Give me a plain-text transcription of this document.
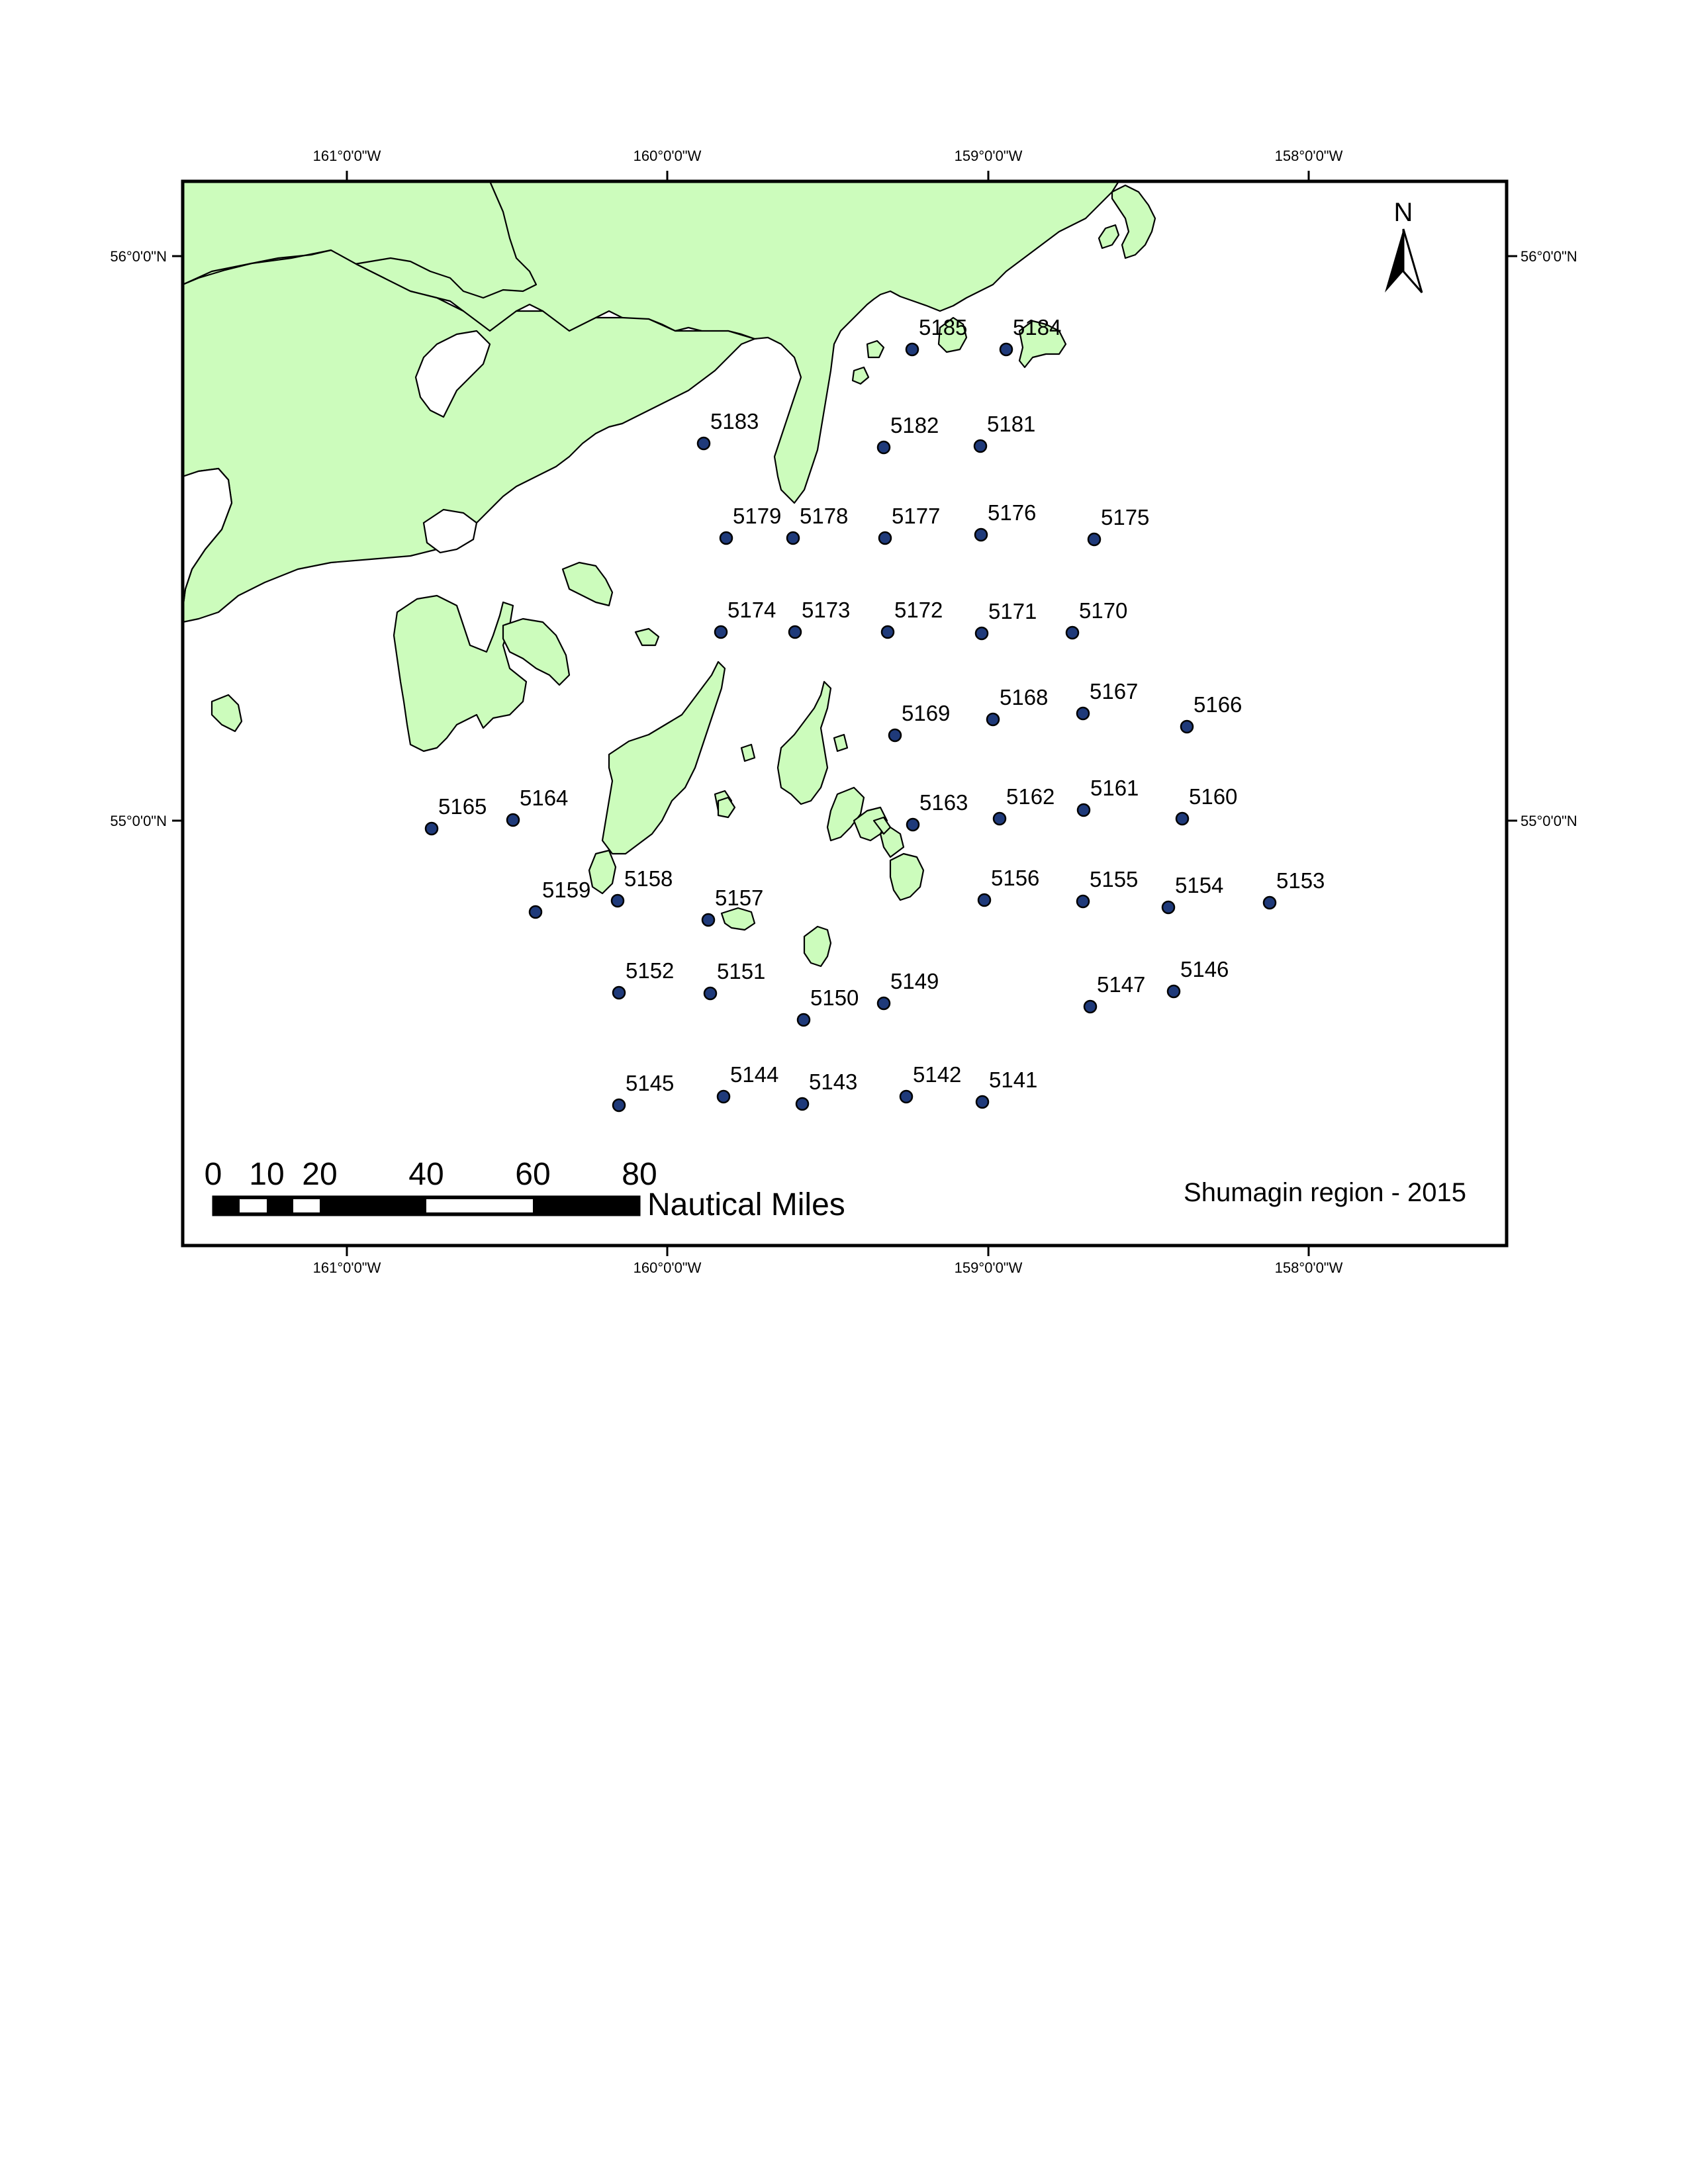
5185 5184
5183	5182 5181
5179 5178 5177 5176	5175
5174 5173 5172 5171 5170
5169
5168 5167
5166
5165 5164	5163 5162 5161 5160
5159 5158
5157
5156 5155 5154 5153
5152 5151
5150
5149	5147
5146
5145	5144 5143	5142 5141
161°0'0"W	160°0'0"W	159°0'0"W	158°0'0"W
161°0'0"W	160°0'0"W	159°0'0"W	158°0'0"W
56°0'0"N
55°0'0"N
56°0'0"N
55°0'0"N
N
0 10 20 40 60 80
Nautical Miles	Shumagin region - 2015
